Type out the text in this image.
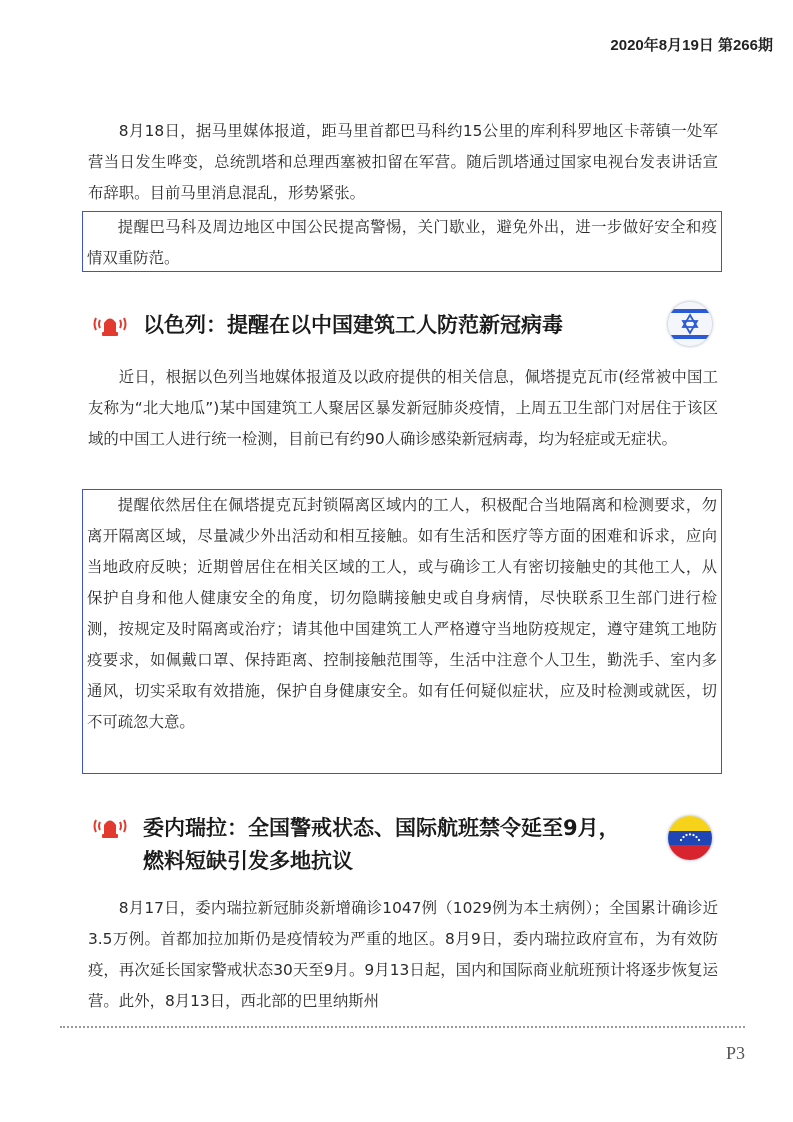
2020年8月19日 第266期

8月18日，据马里媒体报道，距马里首都巴马科约15公里的库利科罗地区卡蒂镇一处军营当日发生哗变，总统凯塔和总理西塞被扣留在军营。随后凯塔通过国家电视台发表讲话宣布辞职。目前马里消息混乱，形势紧张。

提醒巴马科及周边地区中国公民提高警惕，关门歇业，避免外出，进一步做好安全和疫情双重防范。

以色列：提醒在以中国建筑工人防范新冠病毒

近日，根据以色列当地媒体报道及以政府提供的相关信息，佩塔提克瓦市(经常被中国工友称为“北大地瓜”)某中国建筑工人聚居区暴发新冠肺炎疫情，上周五卫生部门对居住于该区域的中国工人进行统一检测，目前已有约90人确诊感染新冠病毒，均为轻症或无症状。

提醒依然居住在佩塔提克瓦封锁隔离区域内的工人，积极配合当地隔离和检测要求，勿离开隔离区域，尽量减少外出活动和相互接触。如有生活和医疗等方面的困难和诉求，应向当地政府反映；近期曾居住在相关区域的工人，或与确诊工人有密切接触史的其他工人，从保护自身和他人健康安全的角度，切勿隐瞒接触史或自身病情，尽快联系卫生部门进行检测，按规定及时隔离或治疗；请其他中国建筑工人严格遵守当地防疫规定，遵守建筑工地防疫要求，如佩戴口罩、保持距离、控制接触范围等，生活中注意个人卫生，勤洗手、室内多通风，切实采取有效措施，保护自身健康安全。如有任何疑似症状，应及时检测或就医，切不可疏忽大意。

委内瑞拉：全国警戒状态、国际航班禁令延至9月，
燃料短缺引发多地抗议

8月17日，委内瑞拉新冠肺炎新增确诊1047例（1029例为本土病例）；全国累计确诊近3.5万例。首都加拉加斯仍是疫情较为严重的地区。8月9日，委内瑞拉政府宣布，为有效防疫，再次延长国家警戒状态30天至9月。9月13日起，国内和国际商业航班预计将逐步恢复运营。此外，8月13日，西北部的巴里纳斯州

P3
